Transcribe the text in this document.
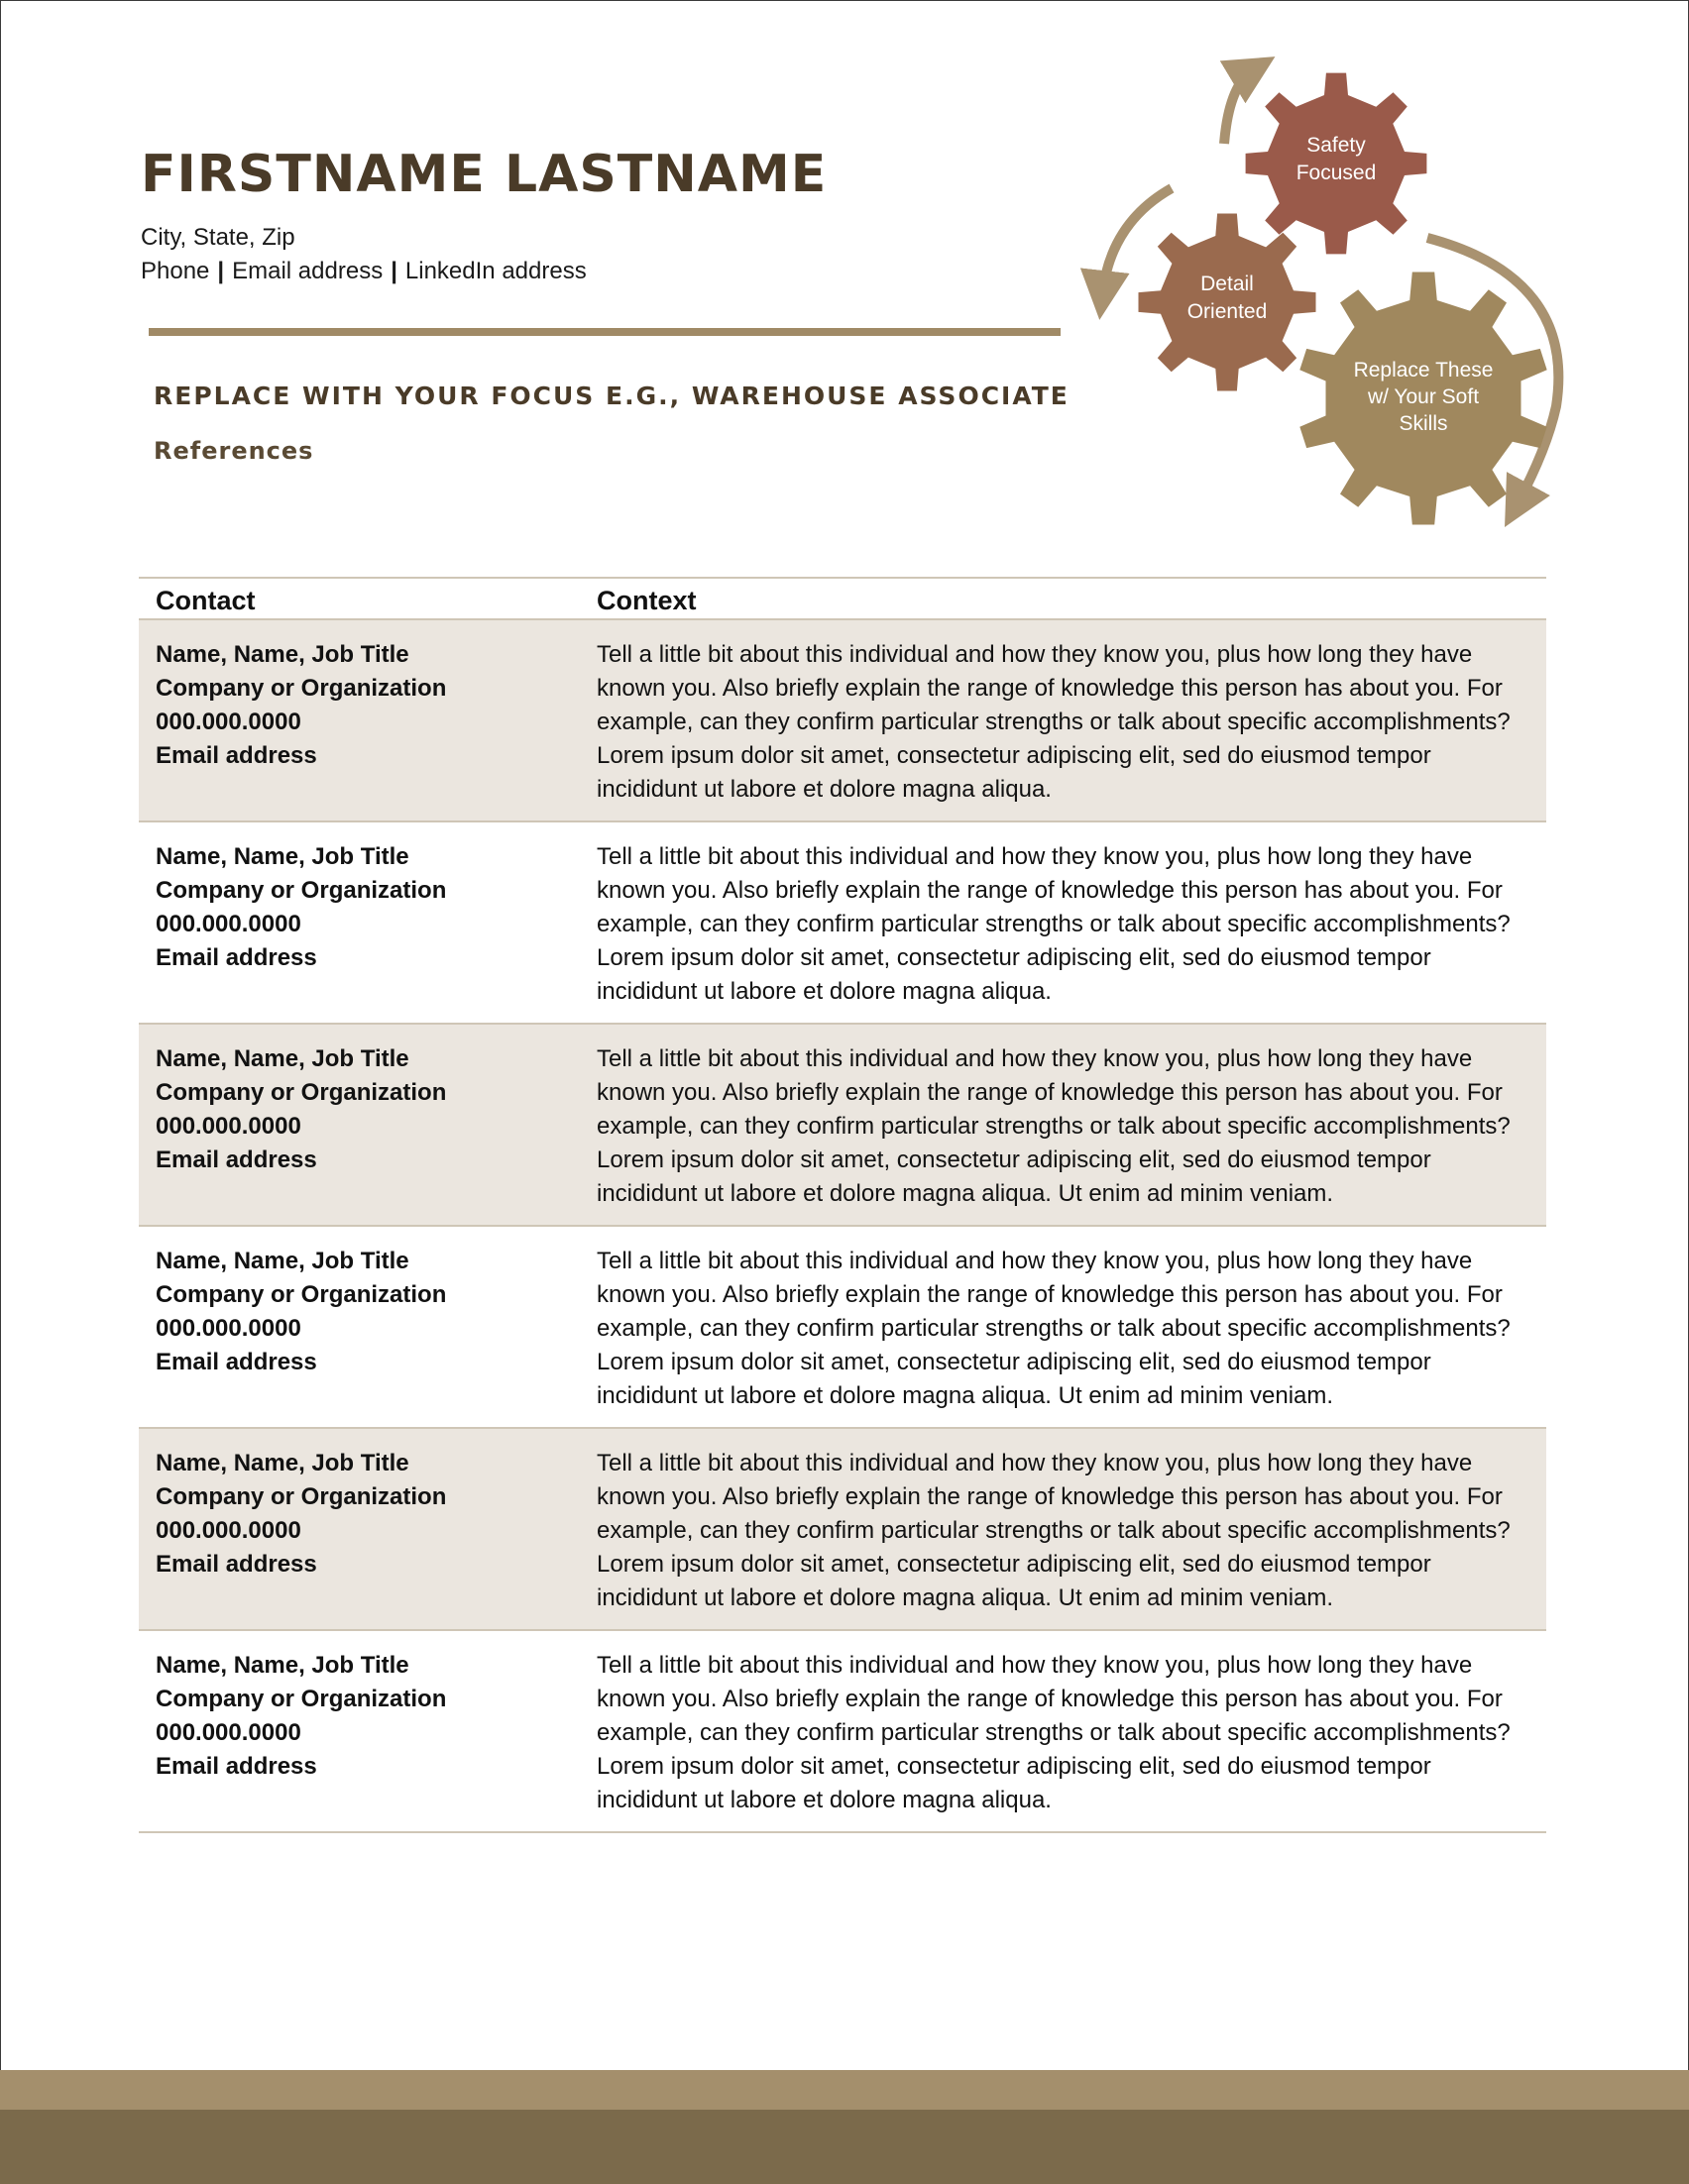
FIRSTNAME LASTNAME
City, State, Zip
Phone | Email address | LinkedIn address
REPLACE WITH YOUR FOCUS E.G., WAREHOUSE ASSOCIATE
References
Safety
Focused
Detail
Oriented
Replace These
w/ Your Soft
Skills
Contact	Context
Name, Name, Job Title
Company or Organization
000.000.0000
Email address
Tell a little bit about this individual and how they know you, plus how long they have known you. Also briefly explain the range of knowledge this person has about you. For example, can they confirm particular strengths or talk about specific accomplishments? Lorem ipsum dolor sit amet, consectetur adipiscing elit, sed do eiusmod tempor incididunt ut labore et dolore magna aliqua.
Name, Name, Job Title
Company or Organization
000.000.0000
Email address
Tell a little bit about this individual and how they know you, plus how long they have known you. Also briefly explain the range of knowledge this person has about you. For example, can they confirm particular strengths or talk about specific accomplishments? Lorem ipsum dolor sit amet, consectetur adipiscing elit, sed do eiusmod tempor incididunt ut labore et dolore magna aliqua.
Name, Name, Job Title
Company or Organization
000.000.0000
Email address
Tell a little bit about this individual and how they know you, plus how long they have known you. Also briefly explain the range of knowledge this person has about you. For example, can they confirm particular strengths or talk about specific accomplishments? Lorem ipsum dolor sit amet, consectetur adipiscing elit, sed do eiusmod tempor incididunt ut labore et dolore magna aliqua. Ut enim ad minim veniam.
Name, Name, Job Title
Company or Organization
000.000.0000
Email address
Tell a little bit about this individual and how they know you, plus how long they have known you. Also briefly explain the range of knowledge this person has about you. For example, can they confirm particular strengths or talk about specific accomplishments? Lorem ipsum dolor sit amet, consectetur adipiscing elit, sed do eiusmod tempor incididunt ut labore et dolore magna aliqua. Ut enim ad minim veniam.
Name, Name, Job Title
Company or Organization
000.000.0000
Email address
Tell a little bit about this individual and how they know you, plus how long they have known you. Also briefly explain the range of knowledge this person has about you. For example, can they confirm particular strengths or talk about specific accomplishments? Lorem ipsum dolor sit amet, consectetur adipiscing elit, sed do eiusmod tempor incididunt ut labore et dolore magna aliqua. Ut enim ad minim veniam.
Name, Name, Job Title
Company or Organization
000.000.0000
Email address
Tell a little bit about this individual and how they know you, plus how long they have known you. Also briefly explain the range of knowledge this person has about you. For example, can they confirm particular strengths or talk about specific accomplishments? Lorem ipsum dolor sit amet, consectetur adipiscing elit, sed do eiusmod tempor incididunt ut labore et dolore magna aliqua.
